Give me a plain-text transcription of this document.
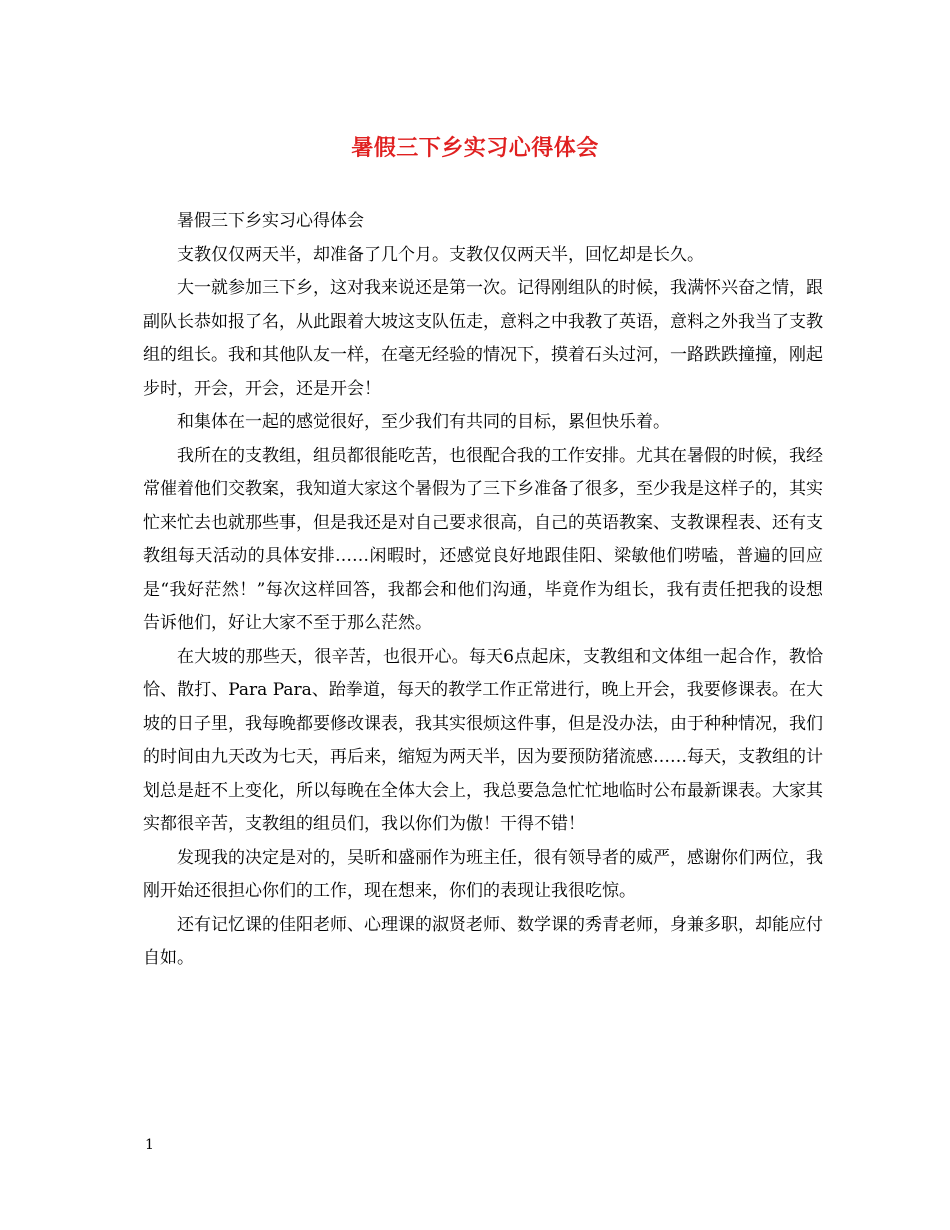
暑假三下乡实习心得体会

暑假三下乡实习心得体会

支教仅仅两天半，却准备了几个月。支教仅仅两天半，回忆却是长久。

大一就参加三下乡，这对我来说还是第一次。记得刚组队的时候，我满怀兴奋之情，跟副队长恭如报了名，从此跟着大坡这支队伍走，意料之中我教了英语，意料之外我当了支教组的组长。我和其他队友一样，在毫无经验的情况下，摸着石头过河，一路跌跌撞撞，刚起步时，开会，开会，还是开会！

和集体在一起的感觉很好，至少我们有共同的目标，累但快乐着。

我所在的支教组，组员都很能吃苦，也很配合我的工作安排。尤其在暑假的时候，我经常催着他们交教案，我知道大家这个暑假为了三下乡准备了很多，至少我是这样子的，其实忙来忙去也就那些事，但是我还是对自己要求很高，自己的英语教案、支教课程表、还有支教组每天活动的具体安排……闲暇时，还感觉良好地跟佳阳、梁敏他们唠嗑，普遍的回应是“我好茫然！”每次这样回答，我都会和他们沟通，毕竟作为组长，我有责任把我的设想告诉他们，好让大家不至于那么茫然。

在大坡的那些天，很辛苦，也很开心。每天6点起床，支教组和文体组一起合作，教恰恰、散打、Para Para、跆拳道，每天的教学工作正常进行，晚上开会，我要修课表。在大坡的日子里，我每晚都要修改课表，我其实很烦这件事，但是没办法，由于种种情况，我们的时间由九天改为七天，再后来，缩短为两天半，因为要预防猪流感……每天，支教组的计划总是赶不上变化，所以每晚在全体大会上，我总要急急忙忙地临时公布最新课表。大家其实都很辛苦，支教组的组员们，我以你们为傲！干得不错！

发现我的决定是对的，吴昕和盛丽作为班主任，很有领导者的威严，感谢你们两位，我刚开始还很担心你们的工作，现在想来，你们的表现让我很吃惊。

还有记忆课的佳阳老师、心理课的淑贤老师、数学课的秀青老师，身兼多职，却能应付自如。

1
